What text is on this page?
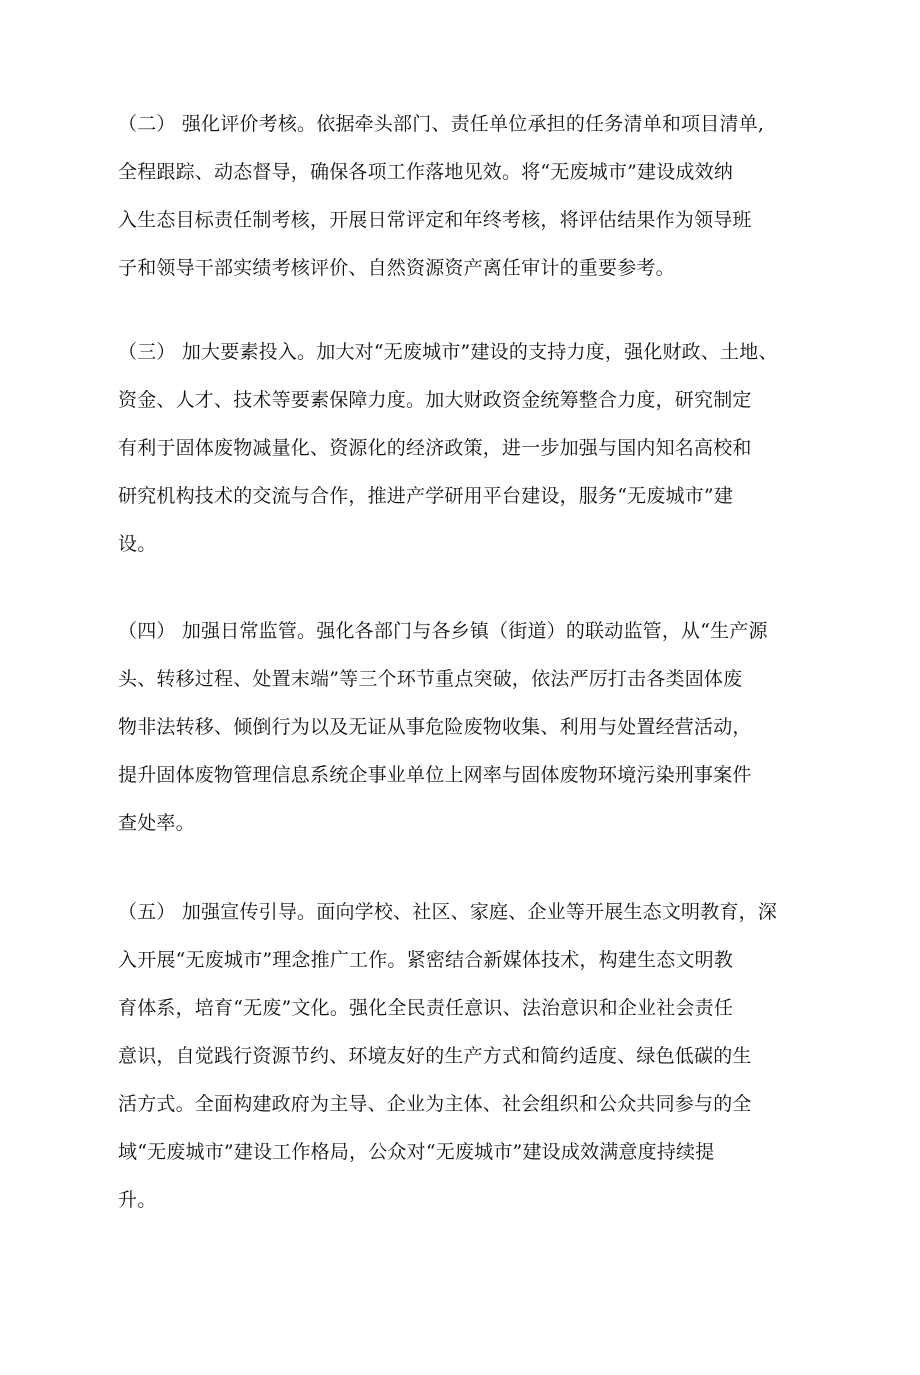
（二） 强化评价考核。依据牵头部门、责任单位承担的任务清单和项目清单,
全程跟踪、动态督导，确保各项工作落地见效。将“无废城市”建设成效纳
入生态目标责任制考核，开展日常评定和年终考核，将评估结果作为领导班
子和领导干部实绩考核评价、自然资源资产离任审计的重要参考。
（三） 加大要素投入。加大对“无废城市”建设的支持力度，强化财政、土地、
资金、人才、技术等要素保障力度。加大财政资金统筹整合力度，研究制定
有利于固体废物减量化、资源化的经济政策，进一步加强与国内知名高校和
研究机构技术的交流与合作，推进产学研用平台建设，服务“无废城市”建
设。
（四） 加强日常监管。强化各部门与各乡镇（街道）的联动监管，从“生产源
头、转移过程、处置末端”等三个环节重点突破，依法严厉打击各类固体废
物非法转移、倾倒行为以及无证从事危险废物收集、利用与处置经营活动，
提升固体废物管理信息系统企事业单位上网率与固体废物环境污染刑事案件
查处率。
（五） 加强宣传引导。面向学校、社区、家庭、企业等开展生态文明教育，深
入开展“无废城市”理念推广工作。紧密结合新媒体技术，构建生态文明教
育体系，培育“无废”文化。强化全民责任意识、法治意识和企业社会责任
意识，自觉践行资源节约、环境友好的生产方式和简约适度、绿色低碳的生
活方式。全面构建政府为主导、企业为主体、社会组织和公众共同参与的全
域“无废城市”建设工作格局，公众对“无废城市”建设成效满意度持续提
升。
